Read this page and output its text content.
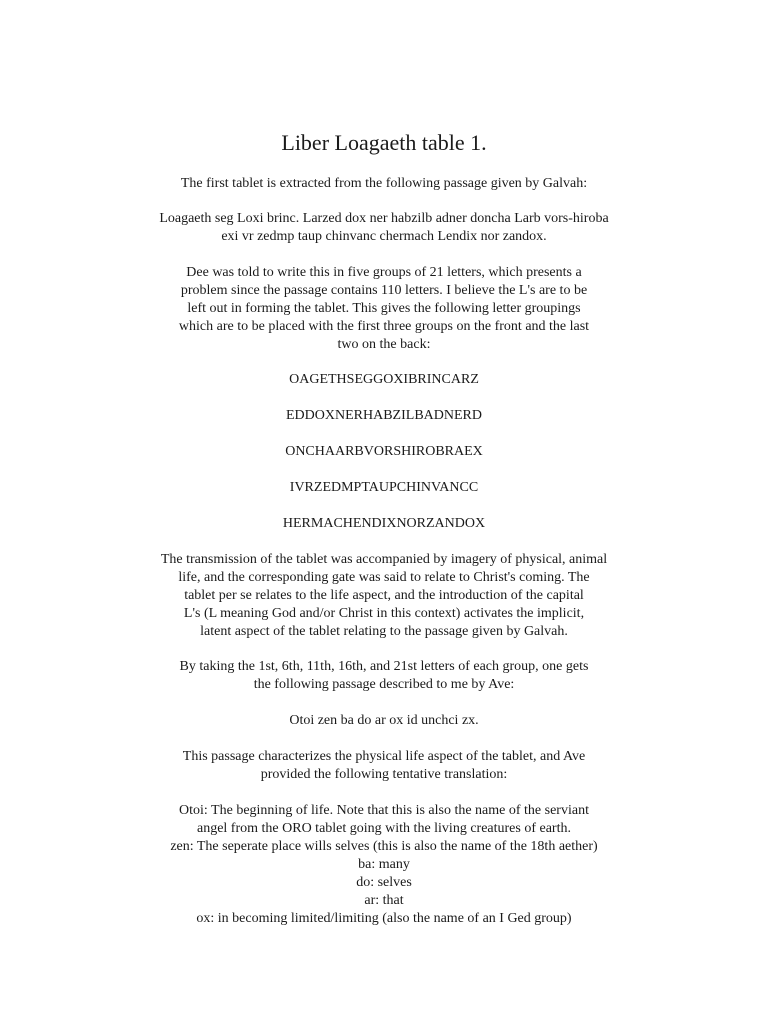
Liber Loagaeth table 1.

The first tablet is extracted from the following passage given by Galvah:

Loagaeth seg Loxi brinc. Larzed dox ner habzilb adner doncha Larb vors-hiroba
exi vr zedmp taup chinvanc chermach Lendix nor zandox.

Dee was told to write this in five groups of 21 letters, which presents a
problem since the passage contains 110 letters. I believe the L's are to be
left out in forming the tablet. This gives the following letter groupings
which are to be placed with the first three groups on the front and the last
two on the back:

OAGETHSEGGOXIBRINCARZ

EDDOXNERHABZILBADNERD

ONCHAARBVORSHIROBRAEX

IVRZEDMPTAUPCHINVANCC

HERMACHENDIXNORZANDOX

The transmission of the tablet was accompanied by imagery of physical, animal
life, and the corresponding gate was said to relate to Christ's coming. The
tablet per se relates to the life aspect, and the introduction of the capital
L's (L meaning God and/or Christ in this context) activates the implicit,
latent aspect of the tablet relating to the passage given by Galvah.

By taking the 1st, 6th, 11th, 16th, and 21st letters of each group, one gets
the following passage described to me by Ave:

Otoi zen ba do ar ox id unchci zx.

This passage characterizes the physical life aspect of the tablet, and Ave
provided the following tentative translation:

Otoi: The beginning of life. Note that this is also the name of the serviant
angel from the ORO tablet going with the living creatures of earth.
zen: The seperate place wills selves (this is also the name of the 18th aether)
ba: many
do: selves
ar: that
ox: in becoming limited/limiting (also the name of an I Ged group)
